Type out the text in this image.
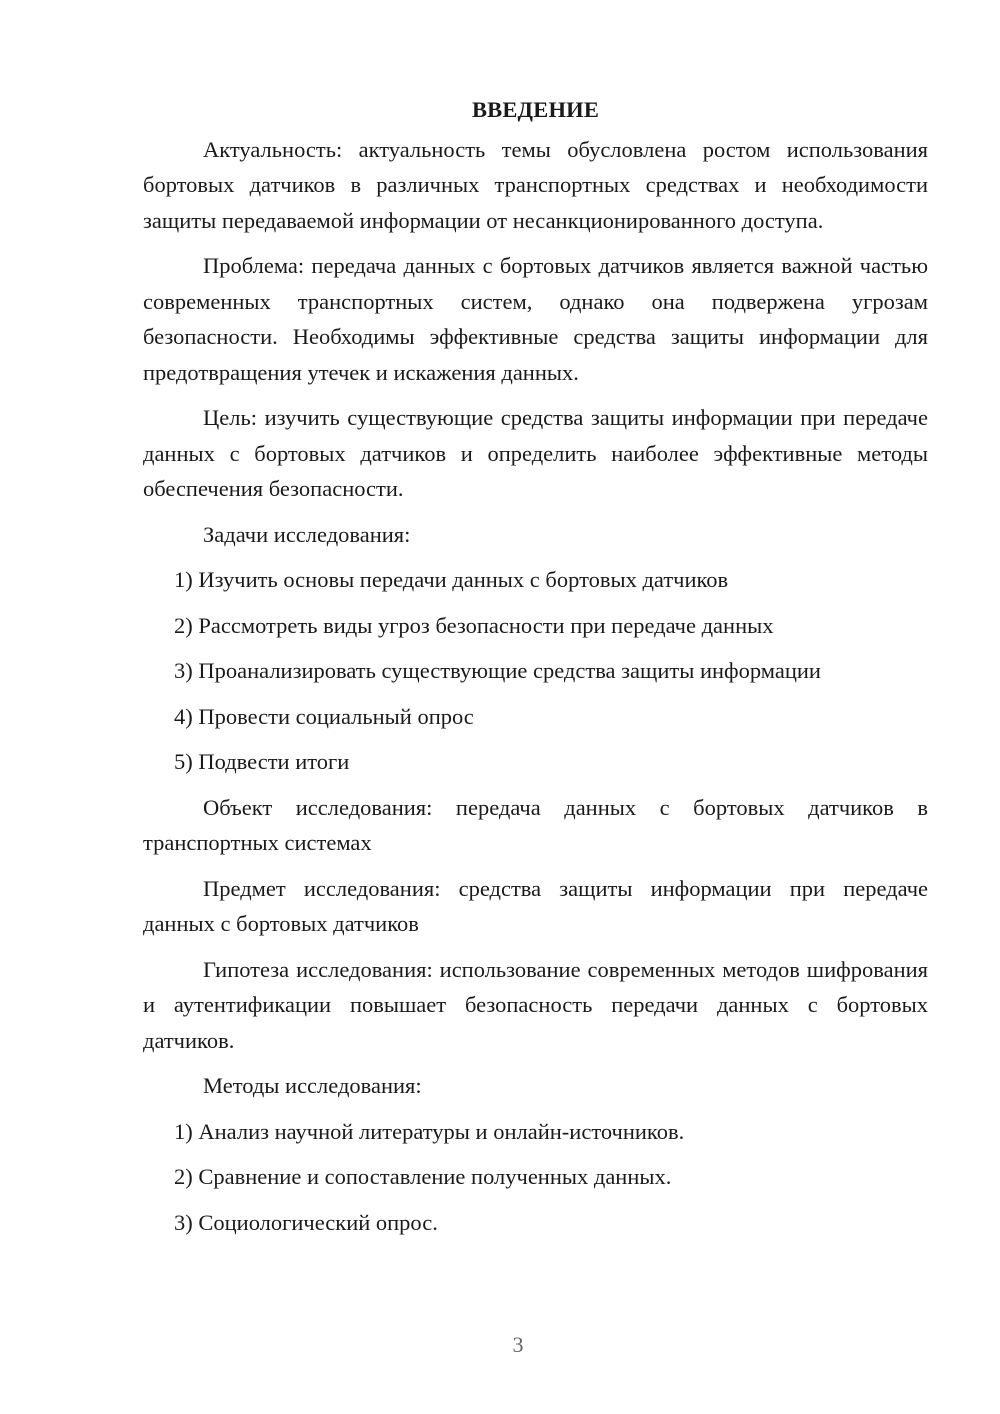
ВВЕДЕНИЕ

Актуальность: актуальность темы обусловлена ростом использования бортовых датчиков в различных транспортных средствах и необходимости защиты передаваемой информации от несанкционированного доступа.

Проблема: передача данных с бортовых датчиков является важной частью современных транспортных систем, однако она подвержена угрозам безопасности. Необходимы эффективные средства защиты информации для предотвращения утечек и искажения данных.

Цель: изучить существующие средства защиты информации при передаче данных с бортовых датчиков и определить наиболее эффективные методы обеспечения безопасности.

Задачи исследования:

1) Изучить основы передачи данных с бортовых датчиков
2) Рассмотреть виды угроз безопасности при передаче данных
3) Проанализировать существующие средства защиты информации
4) Провести социальный опрос
5) Подвести итоги

Объект исследования: передача данных с бортовых датчиков в транспортных системах

Предмет исследования: средства защиты информации при передаче данных с бортовых датчиков

Гипотеза исследования: использование современных методов шифрования и аутентификации повышает безопасность передачи данных с бортовых датчиков.

Методы исследования:

1) Анализ научной литературы и онлайн-источников.
2) Сравнение и сопоставление полученных данных.
3) Социологический опрос.
3
